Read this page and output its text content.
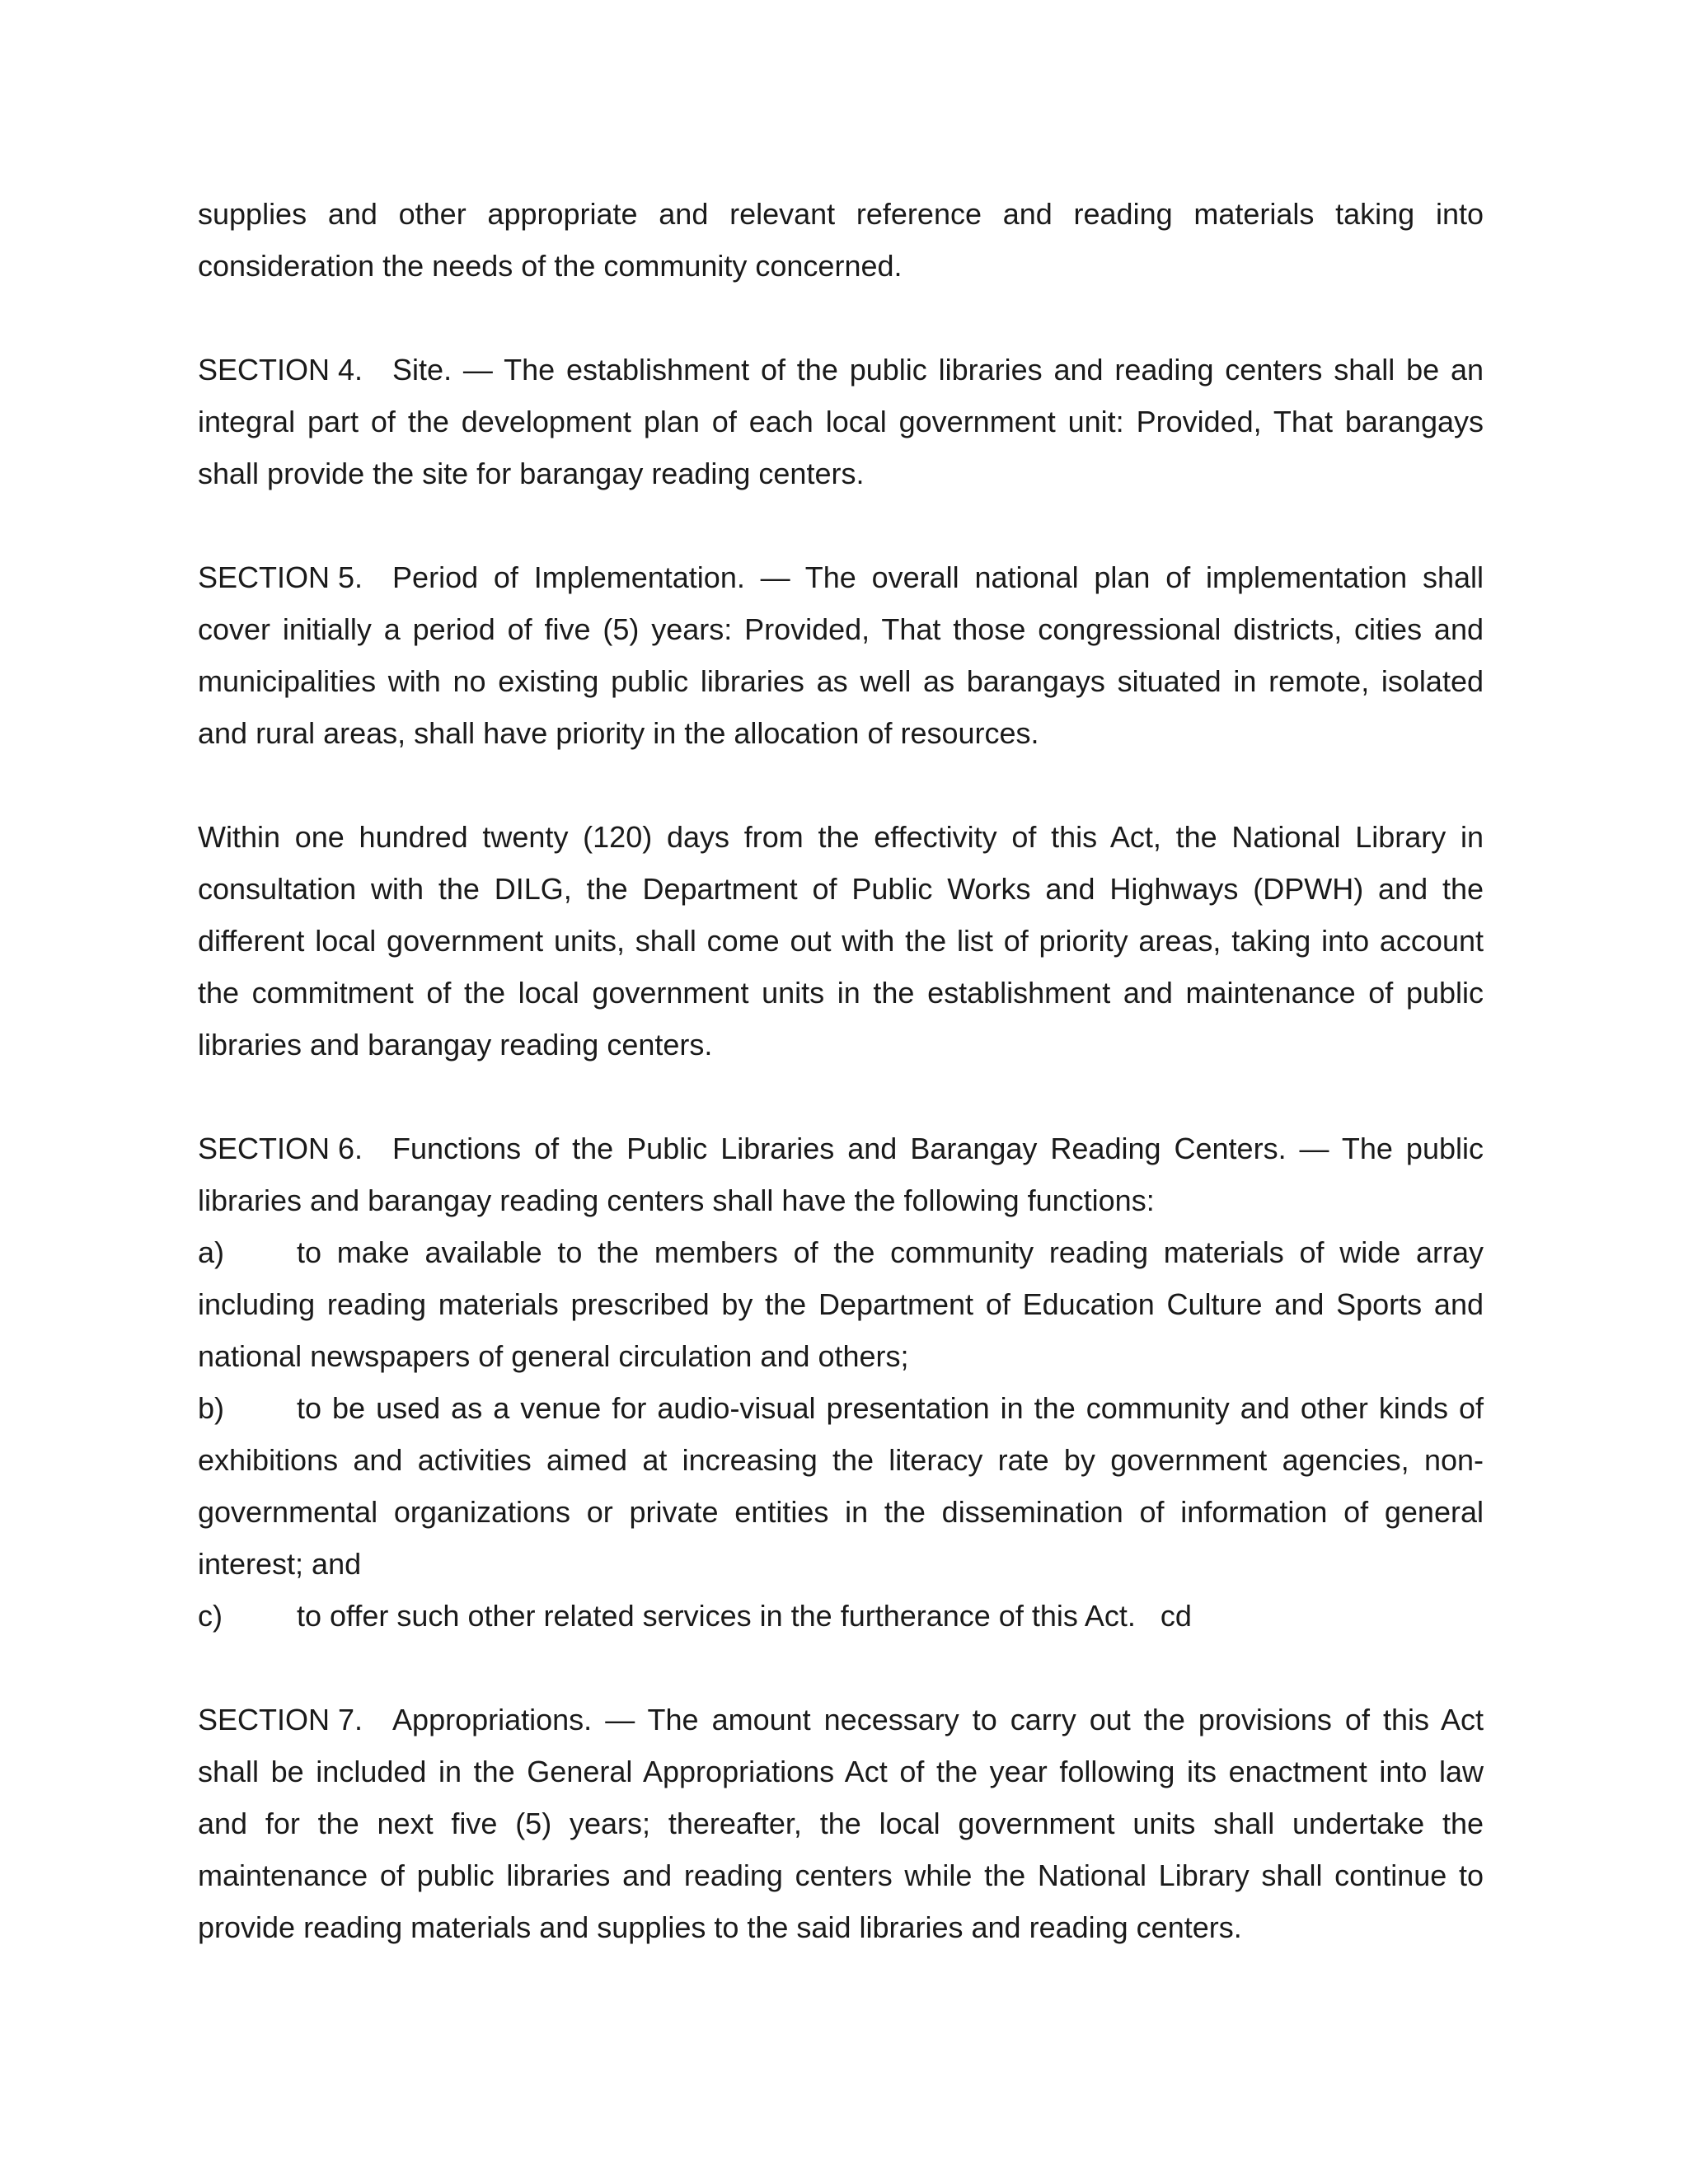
supplies and other appropriate and relevant reference and reading materials taking into consideration the needs of the community concerned.

SECTION 4. Site. — The establishment of the public libraries and reading centers shall be an integral part of the development plan of each local government unit: Provided, That barangays shall provide the site for barangay reading centers.

SECTION 5. Period of Implementation. — The overall national plan of implementation shall cover initially a period of five (5) years: Provided, That those congressional districts, cities and municipalities with no existing public libraries as well as barangays situated in remote, isolated and rural areas, shall have priority in the allocation of resources.

Within one hundred twenty (120) days from the effectivity of this Act, the National Library in consultation with the DILG, the Department of Public Works and Highways (DPWH) and the different local government units, shall come out with the list of priority areas, taking into account the commitment of the local government units in the establishment and maintenance of public libraries and barangay reading centers.

SECTION 6. Functions of the Public Libraries and Barangay Reading Centers. — The public libraries and barangay reading centers shall have the following functions:

a) to make available to the members of the community reading materials of wide array including reading materials prescribed by the Department of Education Culture and Sports and national newspapers of general circulation and others;

b) to be used as a venue for audio-visual presentation in the community and other kinds of exhibitions and activities aimed at increasing the literacy rate by government agencies, non-governmental organizations or private entities in the dissemination of information of general interest; and

c)	to offer such other related services in the furtherance of this Act. cd

SECTION 7. Appropriations. — The amount necessary to carry out the provisions of this Act shall be included in the General Appropriations Act of the year following its enactment into law and for the next five (5) years; thereafter, the local government units shall undertake the maintenance of public libraries and reading centers while the National Library shall continue to provide reading materials and supplies to the said libraries and reading centers.
